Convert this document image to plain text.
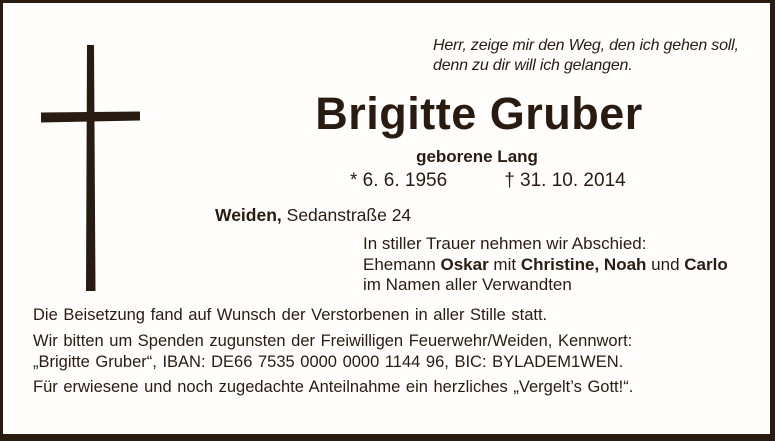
Herr, zeige mir den Weg, den ich gehen soll,
denn zu dir will ich gelangen.
Brigitte Gruber
geborene Lang
* 6. 6. 1956	† 31. 10. 2014
Weiden, Sedanstraße 24
In stiller Trauer nehmen wir Abschied:
Ehemann Oskar mit Christine, Noah und Carlo
im Namen aller Verwandten

Die Beisetzung fand auf Wunsch der Verstorbenen in aller Stille statt.

Wir bitten um Spenden zugunsten der Freiwilligen Feuerwehr/Weiden, Kennwort:
„Brigitte Gruber“, IBAN: DE66 7535 0000 0000 1144 96, BIC: BYLADEM1WEN.

Für erwiesene und noch zugedachte Anteilnahme ein herzliches „Vergelt’s Gott!“.
